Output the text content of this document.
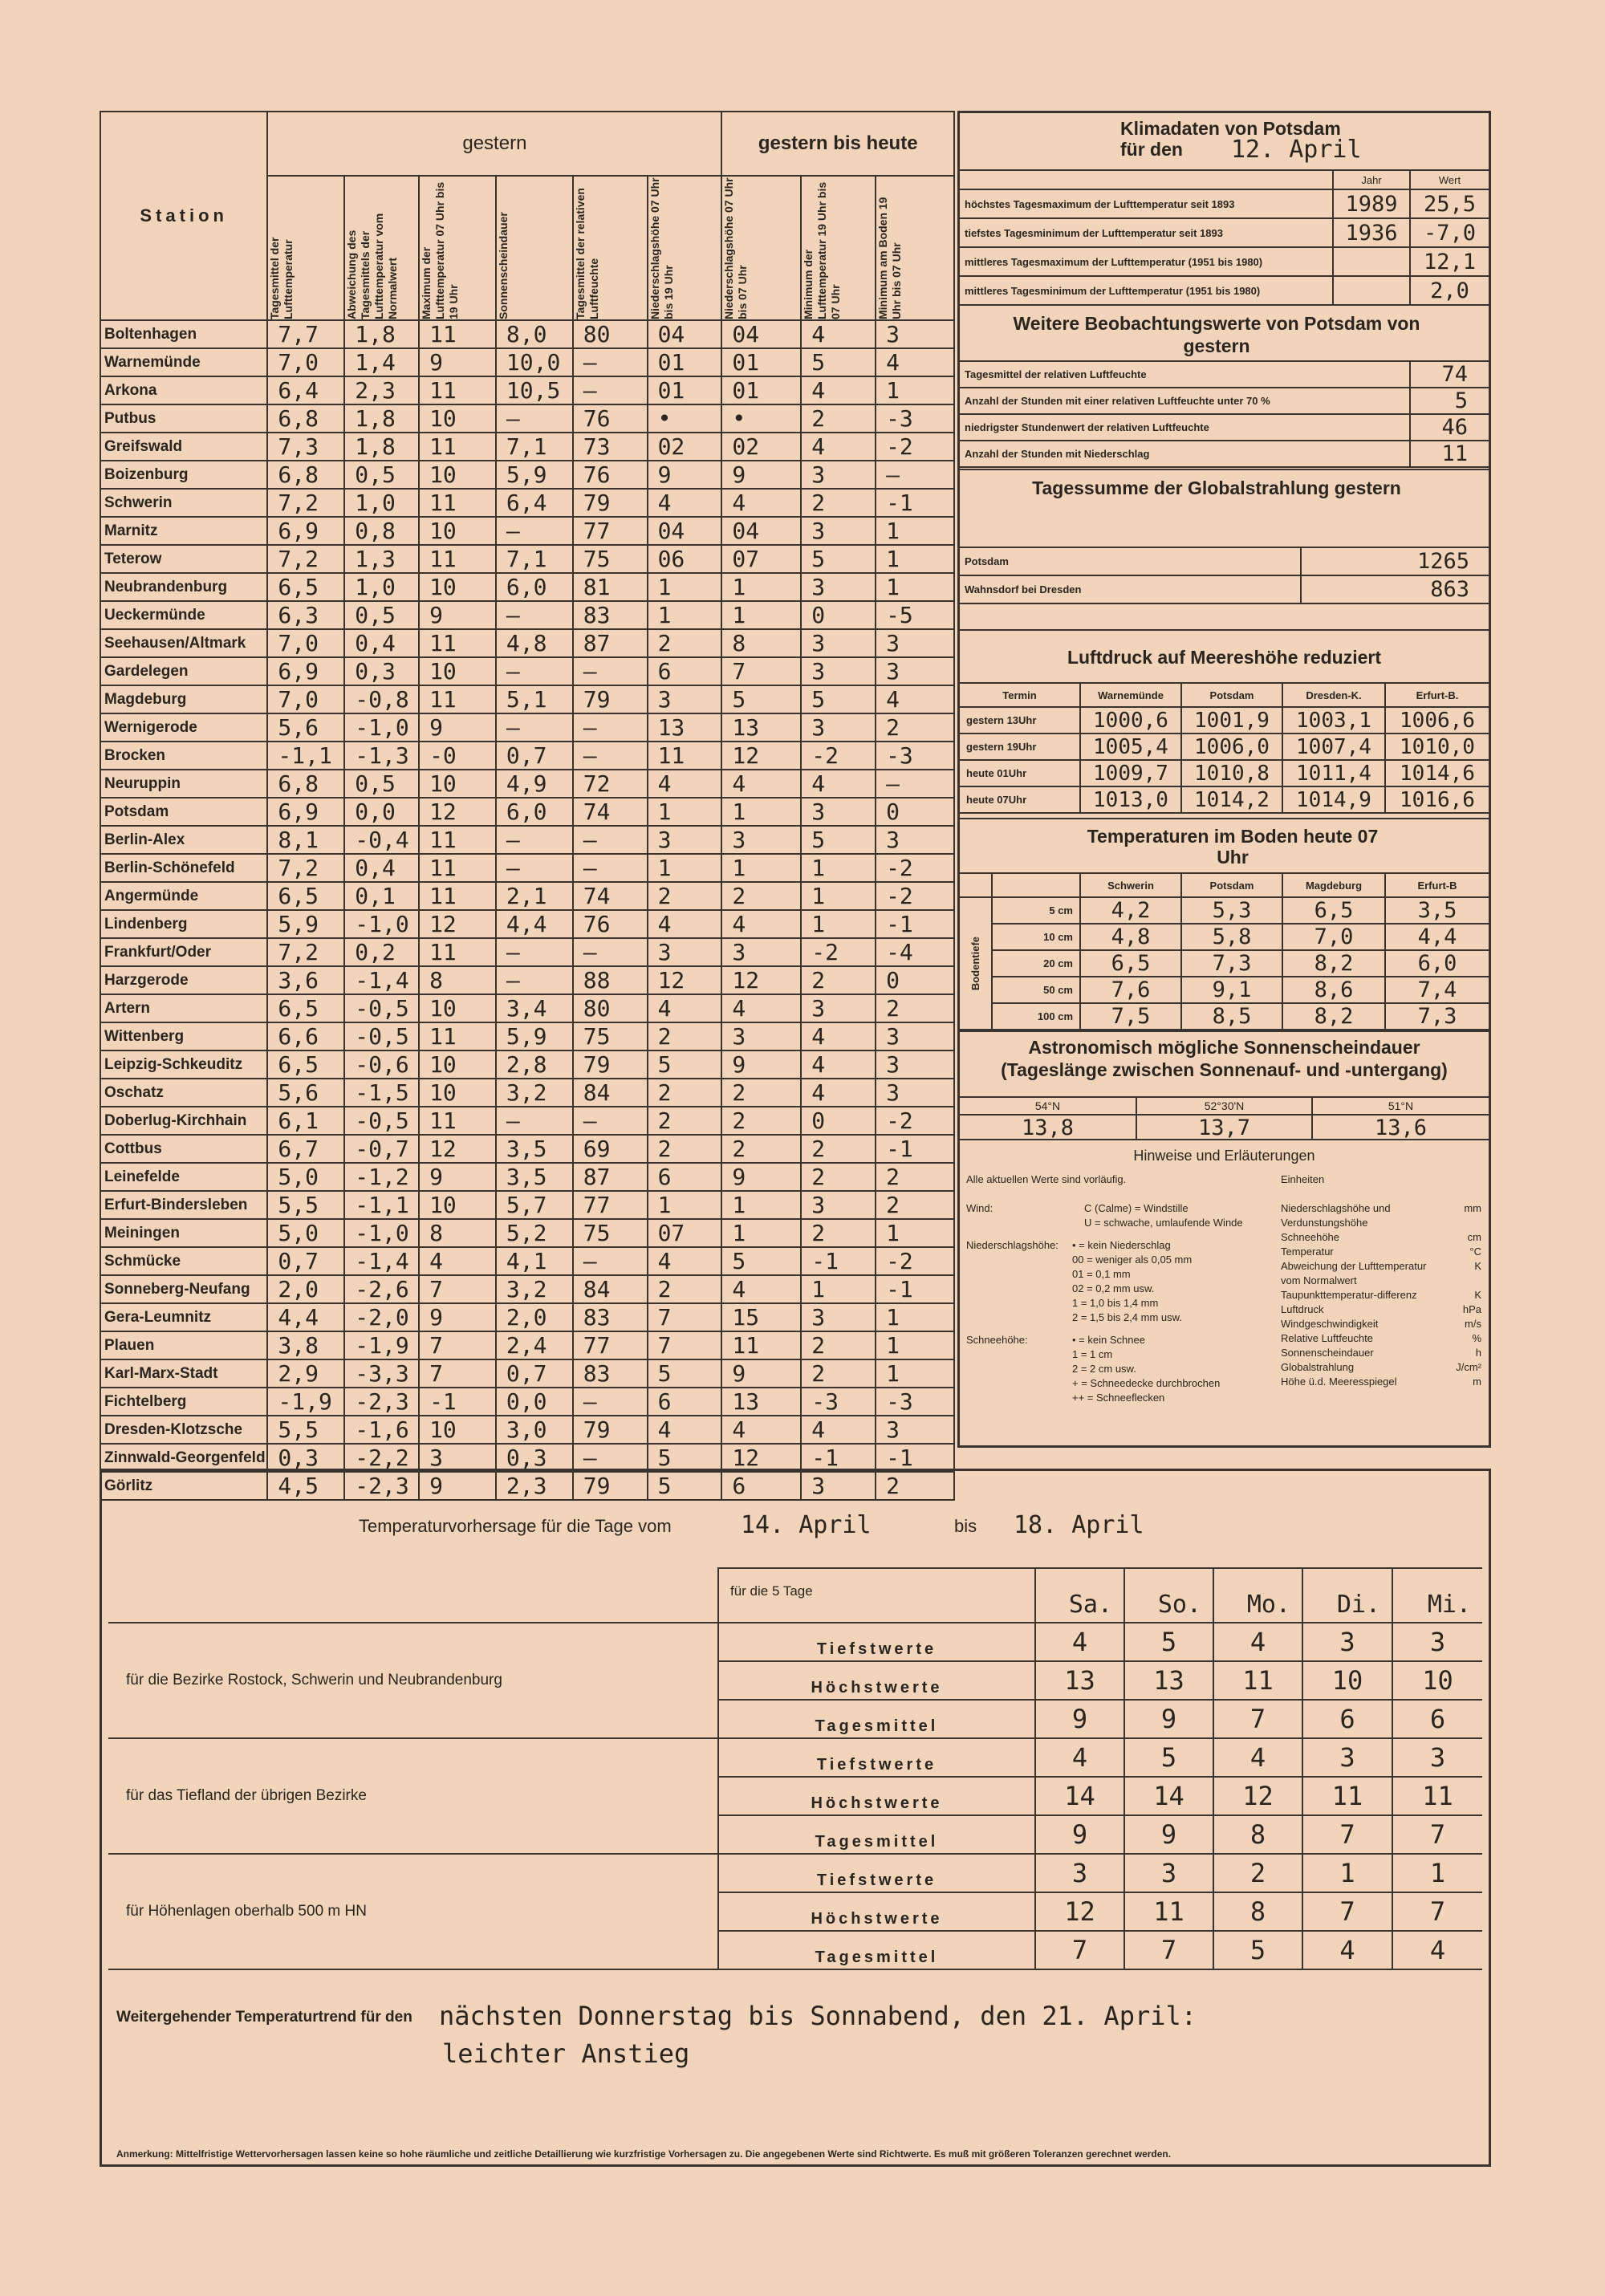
Station	gestern						gestern bis heute		

	Tagesmittel der Lufttemperatur	Abweichung des Tagesmittels der Lufttemperatur vom Normalwert	Maximum der Lufttemperatur 07 Uhr bis 19 Uhr	Sonnenscheindauer	Tagesmittel der relativen Luftfeuchte	Niederschlagshöhe 07 Uhr bis 19 Uhr	Niederschlagshöhe 07 Uhr bis 07 Uhr	Minimum der Lufttemperatur 19 Uhr bis 07 Uhr	Minimum am Boden 19 Uhr bis 07 Uhr

Boltenhagen	7,7	1,8	11	8,0	80	04	04	4	3
Warnemünde	7,0	1,4	9	10,0	–	01	01	5	4
Arkona	6,4	2,3	11	10,5	–	01	01	4	1
Putbus	6,8	1,8	10	–	76	•	•	2	-3
Greifswald	7,3	1,8	11	7,1	73	02	02	4	-2
Boizenburg	6,8	0,5	10	5,9	76	9	9	3	–
Schwerin	7,2	1,0	11	6,4	79	4	4	2	-1
Marnitz	6,9	0,8	10	–	77	04	04	3	1
Teterow	7,2	1,3	11	7,1	75	06	07	5	1
Neubrandenburg	6,5	1,0	10	6,0	81	1	1	3	1
Ueckermünde	6,3	0,5	9	–	83	1	1	0	-5
Seehausen/Altmark	7,0	0,4	11	4,8	87	2	8	3	3
Gardelegen	6,9	0,3	10	–	–	6	7	3	3
Magdeburg	7,0	-0,8	11	5,1	79	3	5	5	4
Wernigerode	5,6	-1,0	9	–	–	13	13	3	2
Brocken	-1,1	-1,3	-0	0,7	–	11	12	-2	-3
Neuruppin	6,8	0,5	10	4,9	72	4	4	4	–
Potsdam	6,9	0,0	12	6,0	74	1	1	3	0
Berlin-Alex	8,1	-0,4	11	–	–	3	3	5	3
Berlin-Schönefeld	7,2	0,4	11	–	–	1	1	1	-2
Angermünde	6,5	0,1	11	2,1	74	2	2	1	-2
Lindenberg	5,9	-1,0	12	4,4	76	4	4	1	-1
Frankfurt/Oder	7,2	0,2	11	–	–	3	3	-2	-4
Harzgerode	3,6	-1,4	8	–	88	12	12	2	0
Artern	6,5	-0,5	10	3,4	80	4	4	3	2
Wittenberg	6,6	-0,5	11	5,9	75	2	3	4	3
Leipzig-Schkeuditz	6,5	-0,6	10	2,8	79	5	9	4	3
Oschatz	5,6	-1,5	10	3,2	84	2	2	4	3
Doberlug-Kirchhain	6,1	-0,5	11	–	–	2	2	0	-2
Cottbus	6,7	-0,7	12	3,5	69	2	2	2	-1
Leinefelde	5,0	-1,2	9	3,5	87	6	9	2	2
Erfurt-Bindersleben	5,5	-1,1	10	5,7	77	1	1	3	2
Meiningen	5,0	-1,0	8	5,2	75	07	1	2	1
Schmücke	0,7	-1,4	4	4,1	–	4	5	-1	-2
Sonneberg-Neufang	2,0	-2,6	7	3,2	84	2	4	1	-1
Gera-Leumnitz	4,4	-2,0	9	2,0	83	7	15	3	1
Plauen	3,8	-1,9	7	2,4	77	7	11	2	1
Karl-Marx-Stadt	2,9	-3,3	7	0,7	83	5	9	2	1
Fichtelberg	-1,9	-2,3	-1	0,0	–	6	13	-3	-3
Dresden-Klotzsche	5,5	-1,6	10	3,0	79	4	4	4	3
Zinnwald-Georgenfeld	0,3	-2,2	3	0,3	–	5	12	-1	-1
Görlitz	4,5	-2,3	9	2,3	79	5	6	3	2
Klimadaten von Potsdam
für den 12. April
	Jahr	Wert
höchstes Tagesmaximum der Lufttemperatur seit 1893	1989	25,5
tiefstes Tagesminimum der Lufttemperatur seit 1893	1936	-7,0
mittleres Tagesmaximum der Lufttemperatur (1951 bis 1980)		12,1
mittleres Tagesminimum der Lufttemperatur (1951 bis 1980)		2,0
Weitere Beobachtungswerte von Potsdam von gestern
Tagesmittel der relativen Luftfeuchte	74
Anzahl der Stunden mit einer relativen Luftfeuchte unter 70 %	5
niedrigster Stundenwert der relativen Luftfeuchte	46
Anzahl der Stunden mit Niederschlag	11
Tagessumme der Globalstrahlung gestern
Potsdam	1265
Wahnsdorf bei Dresden	863
Luftdruck auf Meereshöhe reduziert
Termin	Warnemünde	Potsdam	Dresden-K.	Erfurt-B.
gestern 13Uhr	1000,6	1001,9	1003,1	1006,6
gestern 19Uhr	1005,4	1006,0	1007,4	1010,0
heute 01Uhr	1009,7	1010,8	1011,4	1014,6
heute 07Uhr	1013,0	1014,2	1014,9	1016,6
Temperaturen im Boden heute 07 Uhr
		Schwerin	Potsdam	Magdeburg	Erfurt-B

Bodentiefe	5 cm	4,2	5,3	6,5	3,5
	10 cm	4,8	5,8	7,0	4,4
	20 cm	6,5	7,3	8,2	6,0
	50 cm	7,6	9,1	8,6	7,4
	100 cm	7,5	8,5	8,2	7,3
Astronomisch mögliche Sonnenscheindauer
(Tageslänge zwischen Sonnenauf- und -untergang)
54°N	52°30'N	51°N
13,8	13,7	13,6
Hinweise und Erläuterungen
Alle aktuellen Werte sind vorläufig.	Einheiten
Wind:	C (Calme) = Windstille
U = schwache, umlaufende Winde
Niederschlagshöhe: • = kein Niederschlag
00 = weniger als 0,05 mm
01 = 0,1 mm
02 = 0,2 mm usw.
1 = 1,0 bis 1,4 mm
2 = 1,5 bis 2,4 mm usw.
Schneehöhe:	• = kein Schnee
1 = 1 cm
2 = 2 cm usw.
+ = Schneedecke durchbrochen
++ = Schneeflecken
Niederschlagshöhe und Verdunstungshöhe
mm
Schneehöhe	cm
Temperatur	°C
Abweichung der Lufttemperatur vom Normalwert
K
Taupunkttemperatur-differenz	K
Luftdruck	hPa
Windgeschwindigkeit	m/s
Relative Luftfeuchte	%
Sonnenscheindauer	h
Globalstrahlung	J/cm²
Höhe ü.d. Meeresspiegel	m
Temperaturvorhersage für die Tage vom	14. April	bis 18. April
	für die 5 Tage	Sa.	So.	Mo.	Di.	Mi.
für die Bezirke Rostock, Schwerin und Neubrandenburg	Tiefstwerte	4	5	4	3	3
	Höchstwerte	13	13	11	10	10
	Tagesmittel	9	9	7	6	6
für das Tiefland der übrigen Bezirke	Tiefstwerte	4	5	4	3	3
	Höchstwerte	14	14	12	11	11
	Tagesmittel	9	9	8	7	7
für Höhenlagen oberhalb 500 m HN	Tiefstwerte	3	3	2	1	1
	Höchstwerte	12	11	8	7	7
	Tagesmittel	7	7	5	4	4
Weitergehender Temperaturtrend für den nächsten Donnerstag bis Sonnabend, den 21. April:
leichter Anstieg
Anmerkung: Mittelfristige Wettervorhersagen lassen keine so hohe räumliche und zeitliche Detaillierung wie kurzfristige Vorhersagen zu. Die angegebenen Werte sind Richtwerte. Es muß mit größeren Toleranzen gerechnet werden.
